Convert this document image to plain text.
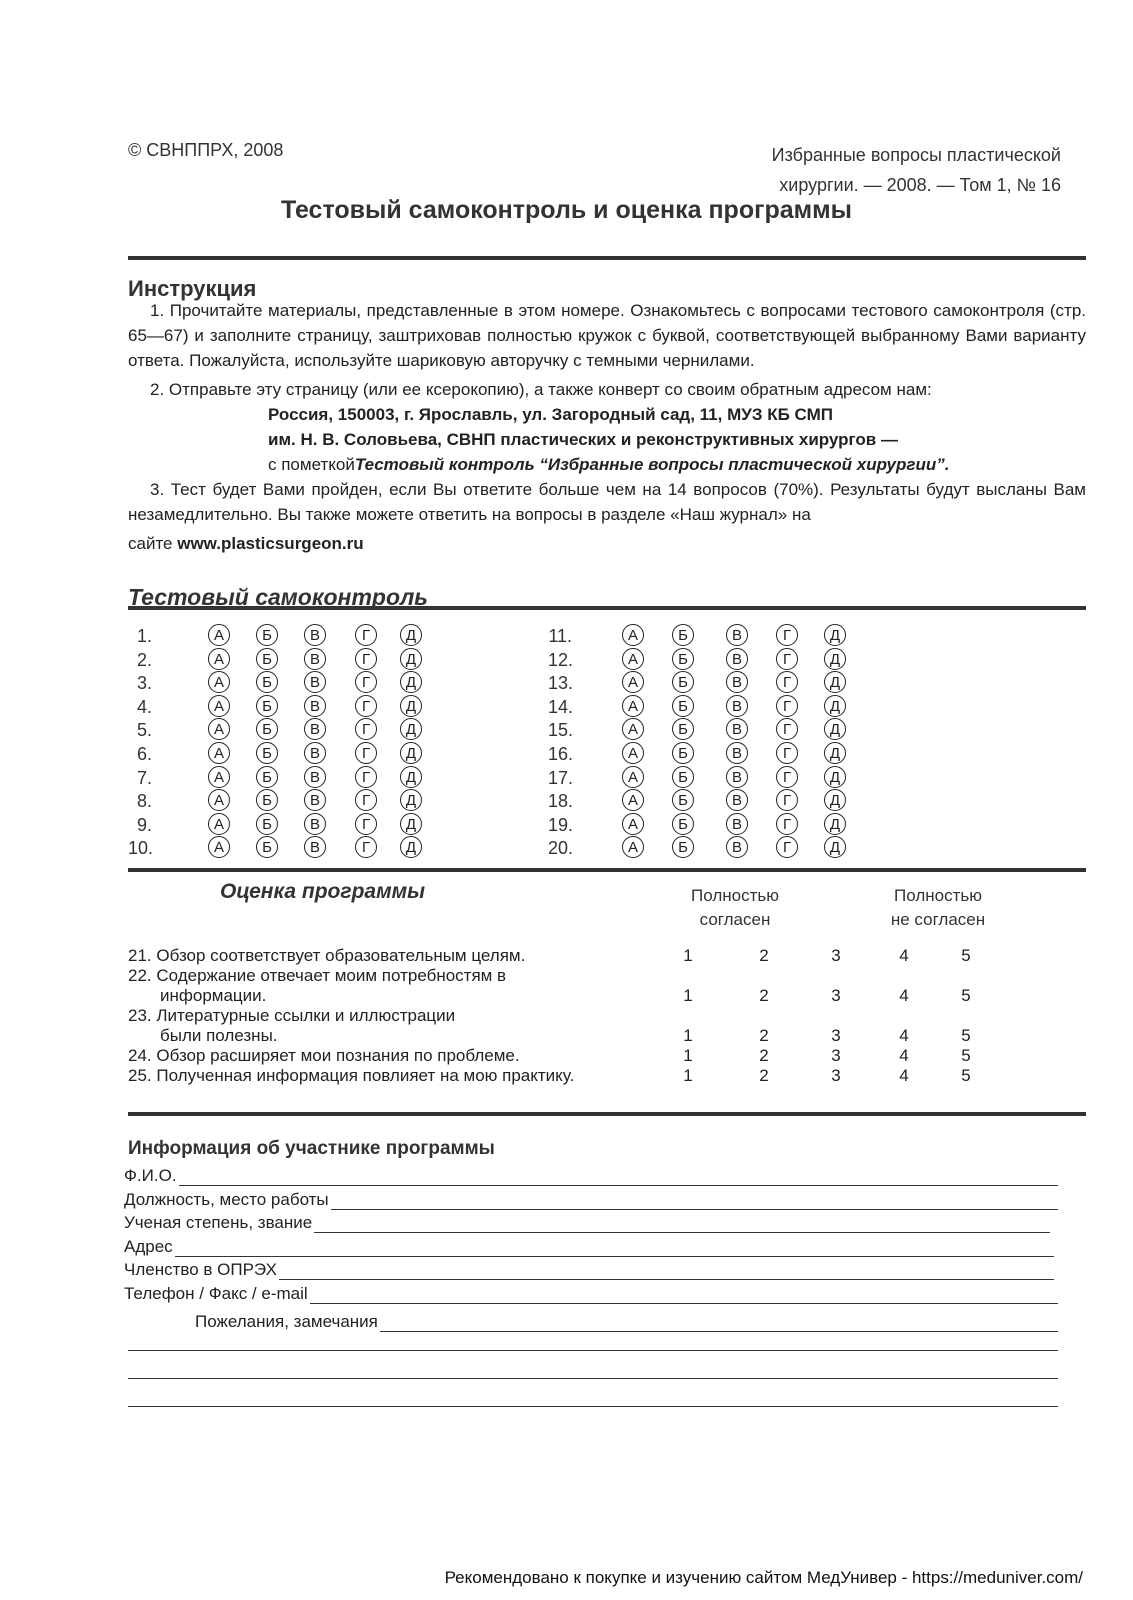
© СВНППРХ, 2008	Избранные вопросы пластической
хирургии. — 2008. — Том 1, № 16
Тестовый самоконтроль и оценка программы
Инструкция

1. Прочитайте материалы, представленные в этом номере. Ознакомьтесь с вопросами тестового самоконтроля (стр. 65—67) и заполните страницу, заштриховав полностью кружок с буквой, соответствующей выбранному Вами варианту ответа. Пожалуйста, используйте шариковую авторучку с темными чернилами.

2. Отправьте эту страницу (или ее ксерокопию), а также конверт со своим обратным адресом нам:

Россия, 150003, г. Ярославль, ул. Загородный сад, 11, МУЗ КБ СМП

им. Н. В. Соловьева, СВНП пластических и реконструктивных хирургов —

с пометкойТестовый контроль “Избранные вопросы пластической хирургии”.

3. Тест будет Вами пройден, если Вы ответите больше чем на 14 вопросов (70%). Результаты будут высланы Вам незамедлительно. Вы также можете ответить на вопросы в разделе «Наш журнал» на

сайте www.plasticsurgeon.ru

Тестовый самоконтроль
1.	А	Б	В	Г	Д
2.	А	Б	В	Г	Д
3.	А	Б	В	Г	Д
4.	А	Б	В	Г	Д
5.	А	Б	В	Г	Д
6.	А	Б	В	Г	Д
7.	А	Б	В	Г	Д
8.	А	Б	В	Г	Д
9.	А	Б	В	Г	Д
10.	А	Б	В	Г	Д
11.	А	Б	В	Г	Д
12.	А	Б	В	Г	Д
13.	А	Б	В	Г	Д
14.	А	Б	В	Г	Д
15.	А	Б	В	Г	Д
16.	А	Б	В	Г	Д
17.	А	Б	В	Г	Д
18.	А	Б	В	Г	Д
19.	А	Б	В	Г	Д
20.	А	Б	В	Г	Д
Оценка программы	Полностью
согласен
Полностью
не согласен
21. Обзор соответствует образовательным целям.	1	2	3	4	5
22. Содержание отвечает моим потребностям в
информации.	1	2	3	4	5
23. Литературные ссылки и иллюстрации
были полезны.	1	2	3	4	5
24. Обзор расширяет мои познания по проблеме.	1	2	3	4	5
25. Полученная информация повлияет на мою практику.	1	2	3	4	5
Информация об участнике программы
Ф.И.О.
Должность, место работы
Ученая степень, звание
Адрес
Членство в ОПРЭХ
Телефон / Факс / e-mail
Пожелания, замечания
Рекомендовано к покупке и изучению сайтом МедУнивер - https://meduniver.com/
